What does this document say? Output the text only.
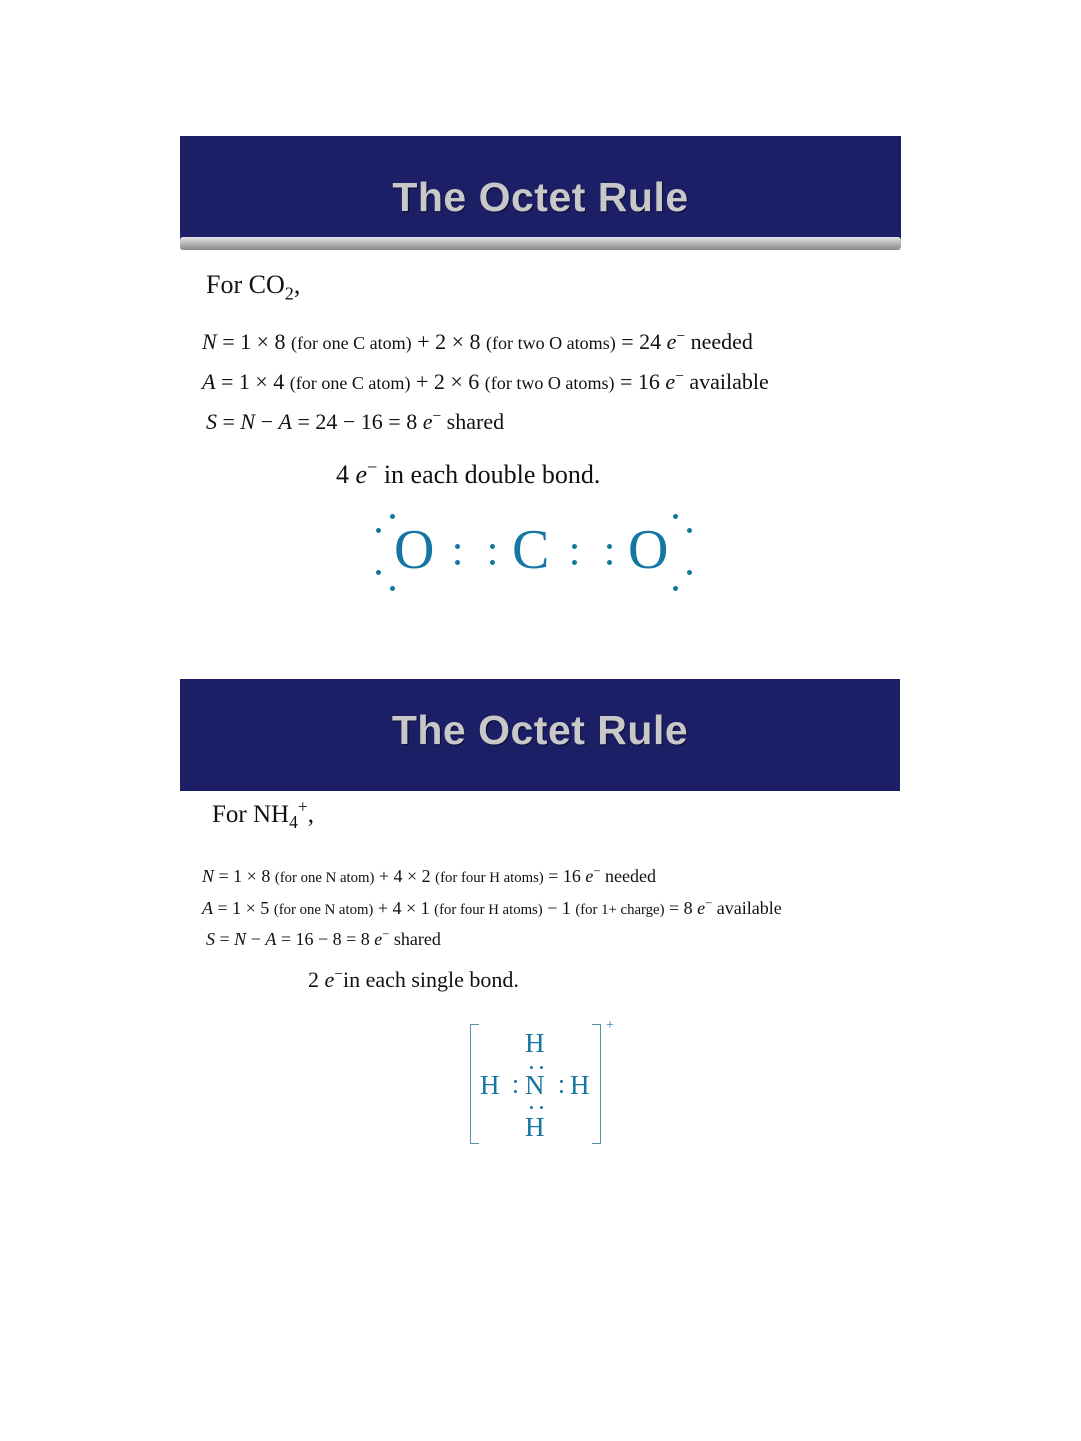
The Octet Rule
For $CO_2$,
N = 1 × 8 (for one C atom) + 2 × 8 (for two O atoms) = 24 e− needed
A = 1 × 4 (for one C atom) + 2 × 6 (for two O atoms) = 16 e− available
S = N − A = 24 − 16 = 8 e− shared
4 e− in each double bond.
O C O
The Octet Rule
For $NH_4^+$,
N = 1 × 8 (for one N atom) + 4 × 2 (for four H atoms) = 16 e− needed
A = 1 × 5 (for one N atom) + 4 × 1 (for four H atoms) − 1 (for 1+ charge) = 8 e− available
S = N − A = 16 − 8 = 8 e− shared
2 e−in each single bond.
+
H
H N H
H
